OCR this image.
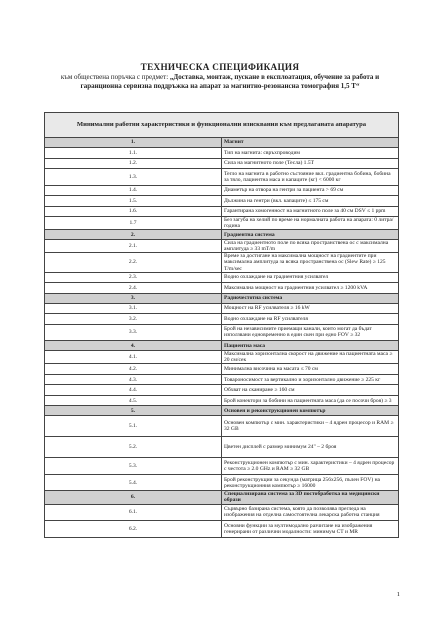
ТЕХНИЧЕСКА СПЕЦИФИКАЦИЯ
към обществена поръчка с предмет: „Доставка, монтаж, пускане в експлоатация, обучение за работа и гаранционна сервизна поддръжка на апарат за магнитно-резонансна томография 1,5 Т“
Минимални работни характеристики и функционални изисквания към предлаганата апаратура	
1.	Магнит
1.1.	Тип на магнита: свръхпроводим
1.2.	Сила на магнитното поле (Тесла) 1.5Т
1.3.	Тегло на магнита в работно състояние вкл. градиентна бобина, бобина за тяло, пациентна маса и капаците (кг) < 6000 кг
1.4.	Диаметър на отвора на гентри за пациента > 69 см
1.5.	Дължина на гентри (вкл. капаците) ≤ 175 см
1.6.	Гарантирана хомогенност на магнитното поле за 40 см DSV ≤ 1 ppm
1.7	Без загуба на хелий по време на нормалната работа на апарата: 0 литра/година
2.	Градиентна система
2.1.	Сила на градиентното поле по всяка пространствена ос с максимална амплитуда ≥ 33 mT/m
2.2.	Време за достигане на максимална мощност на градиентите при максимална амплитуда за всяка пространствена ос (Slew Rate) ≥ 125 T/m/sec
2.3.	Водно охлаждане на градиентния усилвател
2.4.	Максимална мощност на градиентния усилвател ≥ 1200 kVA
3.	Радиочестотна система
3.1.	Мощност на RF усилвателя ≥ 16 kW
3.2.	Водно охлаждане на RF усилвателя
3.3.	Брой на независимите приемащи канали, които могат да бъдат използвани едновременно в един скен при едно FOV ≥ 32
4.	Пациентна маса
4.1.	Максимална хоризонтална скорост на движение на пациентната маса ≥ 20 см/сек
4.2.	Минимална височина на масата ≤ 70 см
4.3.	Товароносимост за вертикално и хоризонтално движение ≥ 225 кг
4.4.	Обхват на сканиране ≥ 160 см
4.5.	Брой конектори за бобини на пациентната маса (да се посочи броя) ≥ 3
5.	Основен и реконструкционен компютър
5.1.	Основен компютър с мин. характеристики – 4 ядрен процесор и RAM ≥ 32 GB
5.2.	Цветен дисплей с размер минимум 24" – 2 броя
5.3.	Реконструкционен компютър с мин. характеристики – 4 ядрен процесор с честота ≥ 2.0 GHz и RAM ≥ 32 GB
5.4.	Брой реконструкции за секунда (матрица 256x256, пълен FOV) на реконструкционния компютър ≥ 16000
6.	Специализирана система за 3D постобработка на медицински образи
6.1.	Сървърно базирана система, която да позволява прегледа на изображения на отделна самостоятелна лекарска работна станция
6.2.	Основни функции за мултимодално разчитане на изображения генерирани от различни модалности: минимум CT и MR
1
